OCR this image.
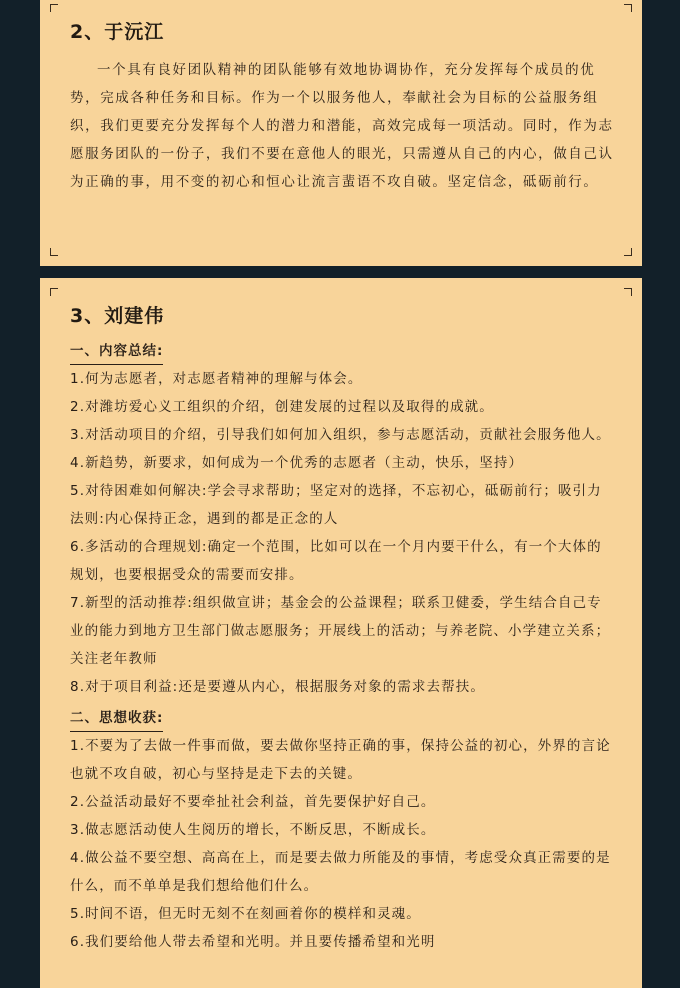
2、于沅江

一个具有良好团队精神的团队能够有效地协调协作，充分发挥每个成员的优势，完成各种任务和目标。作为一个以服务他人，奉献社会为目标的公益服务组织，我们更要充分发挥每个人的潜力和潜能，高效完成每一项活动。同时，作为志愿服务团队的一份子，我们不要在意他人的眼光，只需遵从自己的内心，做自己认为正确的事，用不变的初心和恒心让流言蜚语不攻自破。坚定信念，砥砺前行。

3、刘建伟
一、内容总结:
1.何为志愿者，对志愿者精神的理解与体会。
2.对潍坊爱心义工组织的介绍，创建发展的过程以及取得的成就。
3.对活动项目的介绍，引导我们如何加入组织，参与志愿活动，贡献社会服务他人。
4.新趋势，新要求，如何成为一个优秀的志愿者（主动，快乐，坚持）
5.对待困难如何解决:学会寻求帮助；坚定对的选择，不忘初心，砥砺前行；吸引力法则:内心保持正念，遇到的都是正念的人
6.多活动的合理规划:确定一个范围，比如可以在一个月内要干什么，有一个大体的规划，也要根据受众的需要而安排。
7.新型的活动推荐:组织做宣讲；基金会的公益课程；联系卫健委，学生结合自己专业的能力到地方卫生部门做志愿服务；开展线上的活动；与养老院、小学建立关系；关注老年教师
8.对于项目利益:还是要遵从内心，根据服务对象的需求去帮扶。
二、思想收获:
1.不要为了去做一件事而做，要去做你坚持正确的事，保持公益的初心，外界的言论也就不攻自破，初心与坚持是走下去的关键。
2.公益活动最好不要牵扯社会利益，首先要保护好自己。
3.做志愿活动使人生阅历的增长，不断反思，不断成长。
4.做公益不要空想、高高在上，而是要去做力所能及的事情，考虑受众真正需要的是什么，而不单单是我们想给他们什么。
5.时间不语，但无时无刻不在刻画着你的模样和灵魂。
6.我们要给他人带去希望和光明。并且要传播希望和光明
